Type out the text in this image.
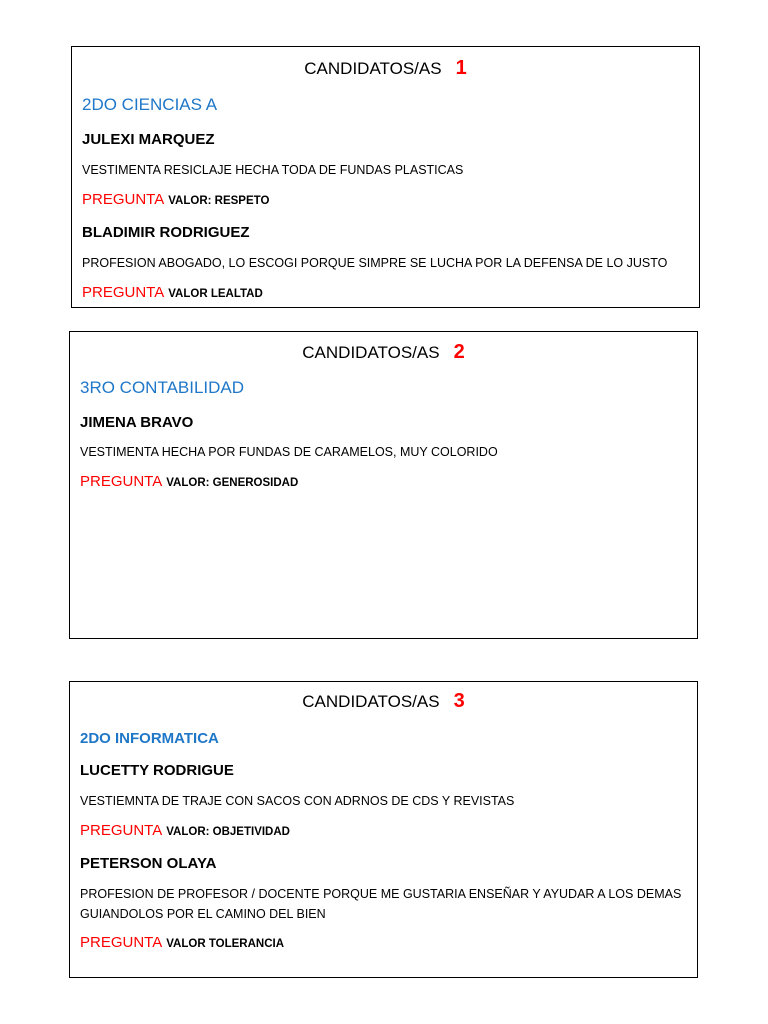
CANDIDATOS/AS 1
2DO CIENCIAS A
JULEXI MARQUEZ
VESTIMENTA RESICLAJE HECHA TODA DE FUNDAS PLASTICAS
PREGUNTA VALOR: RESPETO
BLADIMIR RODRIGUEZ
PROFESION ABOGADO, LO ESCOGI PORQUE SIMPRE SE LUCHA POR LA DEFENSA DE LO JUSTO
PREGUNTA VALOR LEALTAD
CANDIDATOS/AS 2
3RO CONTABILIDAD
JIMENA BRAVO
VESTIMENTA HECHA POR FUNDAS DE CARAMELOS, MUY COLORIDO
PREGUNTA VALOR: GENEROSIDAD
CANDIDATOS/AS 3
2DO INFORMATICA
LUCETTY RODRIGUE
VESTIEMNTA DE TRAJE CON SACOS CON ADRNOS DE CDS Y REVISTAS
PREGUNTA VALOR: OBJETIVIDAD
PETERSON OLAYA
PROFESION DE PROFESOR / DOCENTE PORQUE ME GUSTARIA ENSEÑAR Y AYUDAR A LOS DEMAS GUIANDOLOS POR EL CAMINO DEL BIEN
PREGUNTA VALOR TOLERANCIA
